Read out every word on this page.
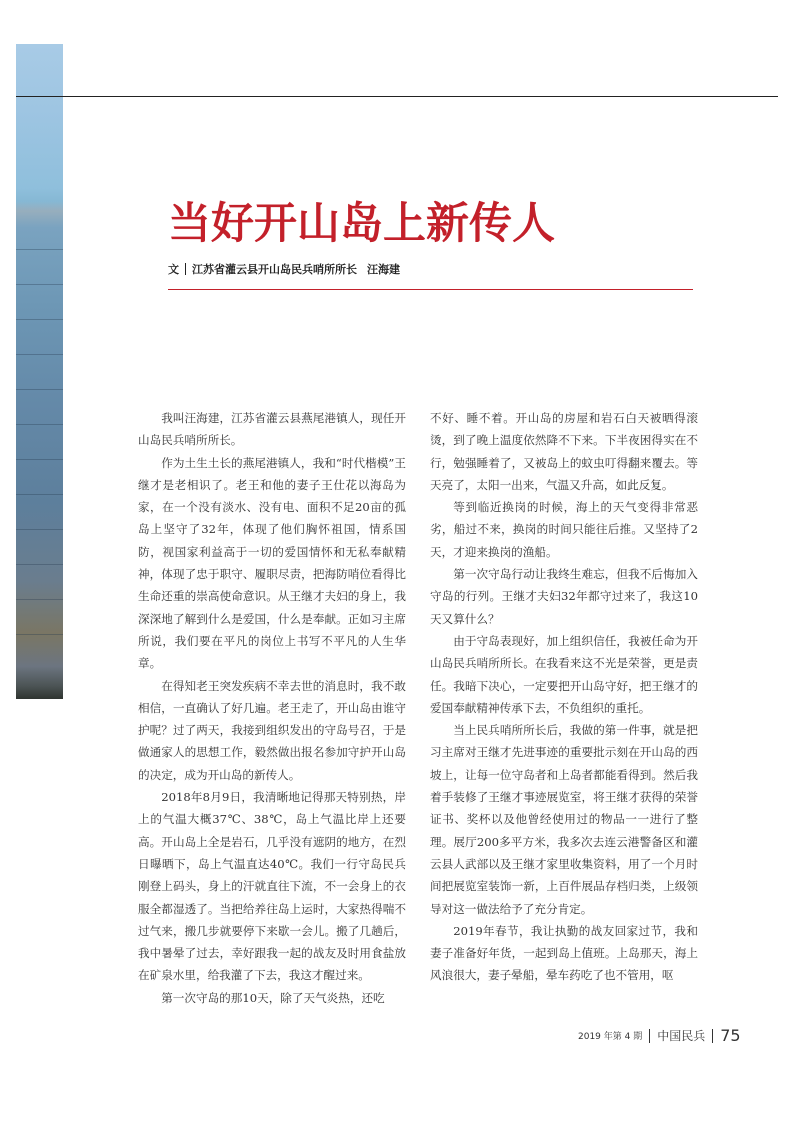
当好开山岛上新传人
文 江苏省灌云县开山岛民兵哨所所长 汪海建

我叫汪海建，江苏省灌云县燕尾港镇人，现任开山岛民兵哨所所长。

作为土生土长的燕尾港镇人，我和“时代楷模”王继才是老相识了。老王和他的妻子王仕花以海岛为家，在一个没有淡水、没有电、面积不足20亩的孤岛上坚守了32年，体现了他们胸怀祖国，情系国防，视国家利益高于一切的爱国情怀和无私奉献精神，体现了忠于职守、履职尽责，把海防哨位看得比生命还重的崇高使命意识。从王继才夫妇的身上，我深深地了解到什么是爱国，什么是奉献。正如习主席所说，我们要在平凡的岗位上书写不平凡的人生华章。

在得知老王突发疾病不幸去世的消息时，我不敢相信，一直确认了好几遍。老王走了，开山岛由谁守护呢？过了两天，我接到组织发出的守岛号召，于是做通家人的思想工作，毅然做出报名参加守护开山岛的决定，成为开山岛的新传人。

2018年8月9日，我清晰地记得那天特别热，岸上的气温大概37℃、38℃，岛上气温比岸上还要高。开山岛上全是岩石，几乎没有遮阴的地方，在烈日曝晒下，岛上气温直达40℃。我们一行守岛民兵刚登上码头，身上的汗就直往下流，不一会身上的衣服全都湿透了。当把给养往岛上运时，大家热得喘不过气来，搬几步就要停下来歇一会儿。搬了几趟后，我中暑晕了过去，幸好跟我一起的战友及时用食盐放在矿泉水里，给我灌了下去，我这才醒过来。

第一次守岛的那10天，除了天气炎热，还吃

不好、睡不着。开山岛的房屋和岩石白天被晒得滚烫，到了晚上温度依然降不下来。下半夜困得实在不行，勉强睡着了，又被岛上的蚊虫叮得翻来覆去。等天亮了，太阳一出来，气温又升高，如此反复。

等到临近换岗的时候，海上的天气变得非常恶劣，船过不来，换岗的时间只能往后推。又坚持了2天，才迎来换岗的渔船。

第一次守岛行动让我终生难忘，但我不后悔加入守岛的行列。王继才夫妇32年都守过来了，我这10天又算什么？

由于守岛表现好，加上组织信任，我被任命为开山岛民兵哨所所长。在我看来这不光是荣誉，更是责任。我暗下决心，一定要把开山岛守好，把王继才的爱国奉献精神传承下去，不负组织的重托。

当上民兵哨所所长后，我做的第一件事，就是把习主席对王继才先进事迹的重要批示刻在开山岛的西坡上，让每一位守岛者和上岛者都能看得到。然后我着手装修了王继才事迹展览室，将王继才获得的荣誉证书、奖杯以及他曾经使用过的物品一一进行了整理。展厅200多平方米，我多次去连云港警备区和灌云县人武部以及王继才家里收集资料，用了一个月时间把展览室装饰一新，上百件展品存档归类，上级领导对这一做法给予了充分肯定。

2019年春节，我让执勤的战友回家过节，我和妻子准备好年货，一起到岛上值班。上岛那天，海上风浪很大，妻子晕船，晕车药吃了也不管用，呕

2019 年第 4 期 中国民兵 75
